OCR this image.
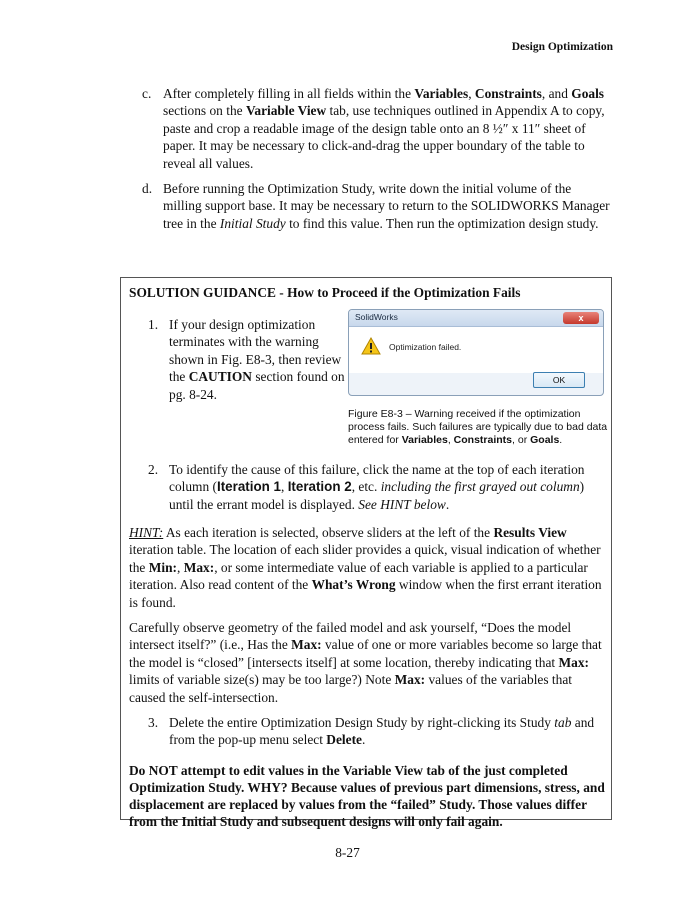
Design Optimization
c. After completely filling in all fields within the Variables, Constraints, and Goals sections on the Variable View tab, use techniques outlined in Appendix A to copy, paste and crop a readable image of the design table onto an 8 ½″ x 11″ sheet of paper. It may be necessary to click-and-drag the upper boundary of the table to reveal all values.
d. Before running the Optimization Study, write down the initial volume of the milling support base. It may be necessary to return to the SOLIDWORKS Manager tree in the Initial Study to find this value. Then run the optimization design study.
SOLUTION GUIDANCE - How to Proceed if the Optimization Fails
1. If your design optimization terminates with the warning shown in Fig. E8-3, then review the CAUTION section found on pg. 8-24.
SolidWorks	x
Optimization failed.
OK
Figure E8-3 – Warning received if the optimization process fails. Such failures are typically due to bad data entered for Variables, Constraints, or Goals.
2. To identify the cause of this failure, click the name at the top of each iteration column (Iteration 1, Iteration 2, etc. including the first grayed out column) until the errant model is displayed. See HINT below.
HINT: As each iteration is selected, observe sliders at the left of the Results View iteration table. The location of each slider provides a quick, visual indication of whether the Min:, Max:, or some intermediate value of each variable is applied to a particular iteration. Also read content of the What’s Wrong window when the first errant iteration is found.
Carefully observe geometry of the failed model and ask yourself, “Does the model intersect itself?” (i.e., Has the Max: value of one or more variables become so large that the model is “closed” [intersects itself] at some location, thereby indicating that Max: limits of variable size(s) may be too large?) Note Max: values of the variables that caused the self-intersection.
3. Delete the entire Optimization Design Study by right-clicking its Study tab and from the pop-up menu select Delete.
Do NOT attempt to edit values in the Variable View tab of the just completed Optimization Study. WHY? Because values of previous part dimensions, stress, and displacement are replaced by values from the “failed” Study. Those values differ from the Initial Study and subsequent designs will only fail again.
8-27
